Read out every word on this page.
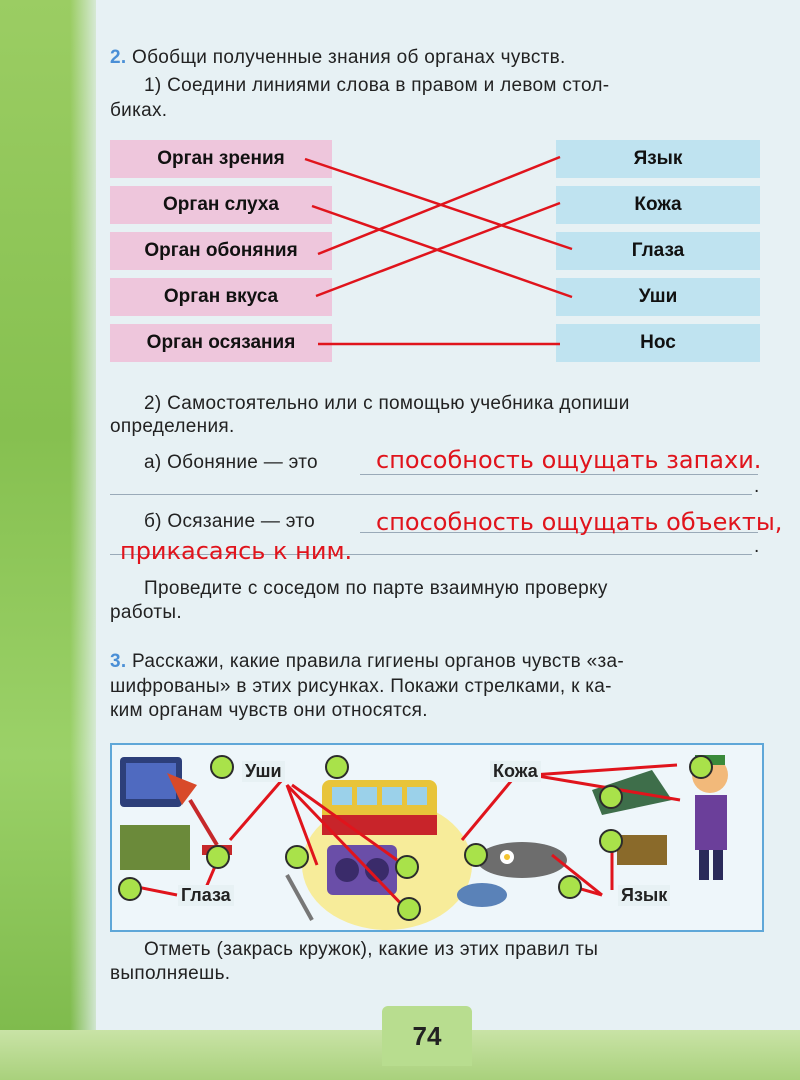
2. Обобщи полученные знания об органах чувств.
1) Соедини линиями слова в правом и левом стол-
биках.
Орган зрения
Орган слуха
Орган обоняния
Орган вкуса
Орган осязания
Язык
Кожа
Глаза
Уши
Нос
2) Самостоятельно или с помощью учебника допиши
определения.
а) Обоняние — это способность ощущать запахи.
.
б) Осязание — это	способность ощущать объекты,
прикасаясь к ним.	.
Проведите с соседом по парте взаимную проверку
работы.
3. Расскажи, какие правила гигиены органов чувств «за-
шифрованы» в этих рисунках. Покажи стрелками, к ка-
ким органам чувств они относятся.
Уши	Кожа
Глаза	Язык
Отметь (закрась кружок), какие из этих правил ты
выполняешь.
74
